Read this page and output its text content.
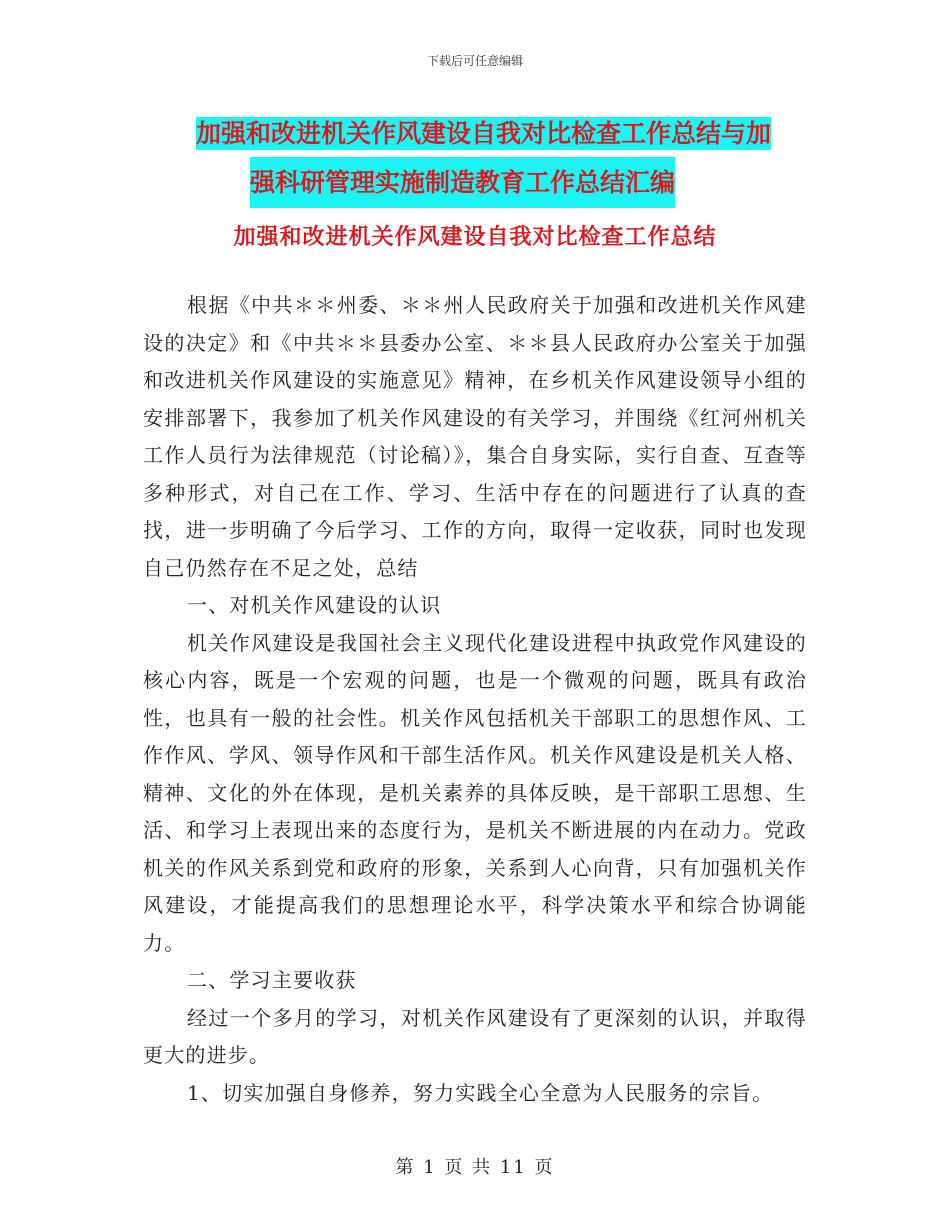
下载后可任意编辑
加强和改进机关作风建设自我对比检查工作总结与加
强科研管理实施制造教育工作总结汇编
加强和改进机关作风建设自我对比检查工作总结

根据《中共＊＊州委、＊＊州人民政府关于加强和改进机关作风建设的决定》和《中共＊＊县委办公室、＊＊县人民政府办公室关于加强和改进机关作风建设的实施意见》精神，在乡机关作风建设领导小组的安排部署下，我参加了机关作风建设的有关学习，并围绕《红河州机关工作人员行为法律规范（讨论稿）》，集合自身实际，实行自查、互查等多种形式，对自己在工作、学习、生活中存在的问题进行了认真的查找，进一步明确了今后学习、工作的方向，取得一定收获，同时也发现自己仍然存在不足之处，总结

一、对机关作风建设的认识

机关作风建设是我国社会主义现代化建设进程中执政党作风建设的核心内容，既是一个宏观的问题，也是一个微观的问题，既具有政治性，也具有一般的社会性。机关作风包括机关干部职工的思想作风、工作作风、学风、领导作风和干部生活作风。机关作风建设是机关人格、精神、文化的外在体现，是机关素养的具体反映，是干部职工思想、生活、和学习上表现出来的态度行为，是机关不断进展的内在动力。党政机关的作风关系到党和政府的形象，关系到人心向背，只有加强机关作风建设，才能提高我们的思想理论水平，科学决策水平和综合协调能力。

二、学习主要收获

经过一个多月的学习，对机关作风建设有了更深刻的认识，并取得更大的进步。

1、切实加强自身修养，努力实践全心全意为人民服务的宗旨。

第 1 页 共 11 页
